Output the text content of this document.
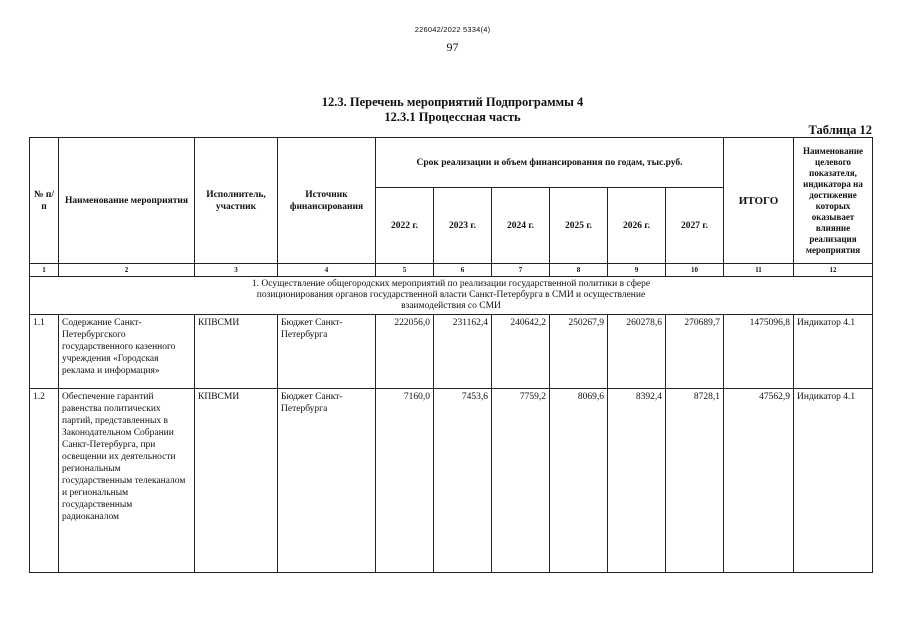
226042/2022 5334(4)
97
12.3. Перечень мероприятий Подпрограммы 4
12.3.1 Процессная часть
Таблица 12
№ п/п	Наименование мероприятия	Исполнитель, участник	Источник финансирования	Срок реализации и объем финансирования по годам, тыс.руб.						ИТОГО	Наименование целевого показателя, индикатора на достижение которых оказывает влияние реализация мероприятия
				2022 г.	2023 г.	2024 г.	2025 г.	2026 г.	2027 г.		
1	2	3	4	5	6	7	8	9	10	11	12

1. Осуществление общегородских мероприятий по реализации государственной политики в сфере позиционирования органов государственной власти Санкт-Петербурга в СМИ и осуществление взаимодействия со СМИ											

1.1	Содержание Санкт-Петербургского государственного казенного учреждения «Городская реклама и информация»	КПВСМИ	Бюджет Санкт-Петербурга	222056,0	231162,4	240642,2	250267,9	260278,6	270689,7	1475096,8	Индикатор 4.1
1.2	Обеспечение гарантий равенства политических партий, представленных в Законодательном Собрании Санкт-Петербурга, при освещении их деятельности региональным государственным телеканалом и региональным государственным радиоканалом	КПВСМИ	Бюджет Санкт-Петербурга	7160,0	7453,6	7759,2	8069,6	8392,4	8728,1	47562,9	Индикатор 4.1
